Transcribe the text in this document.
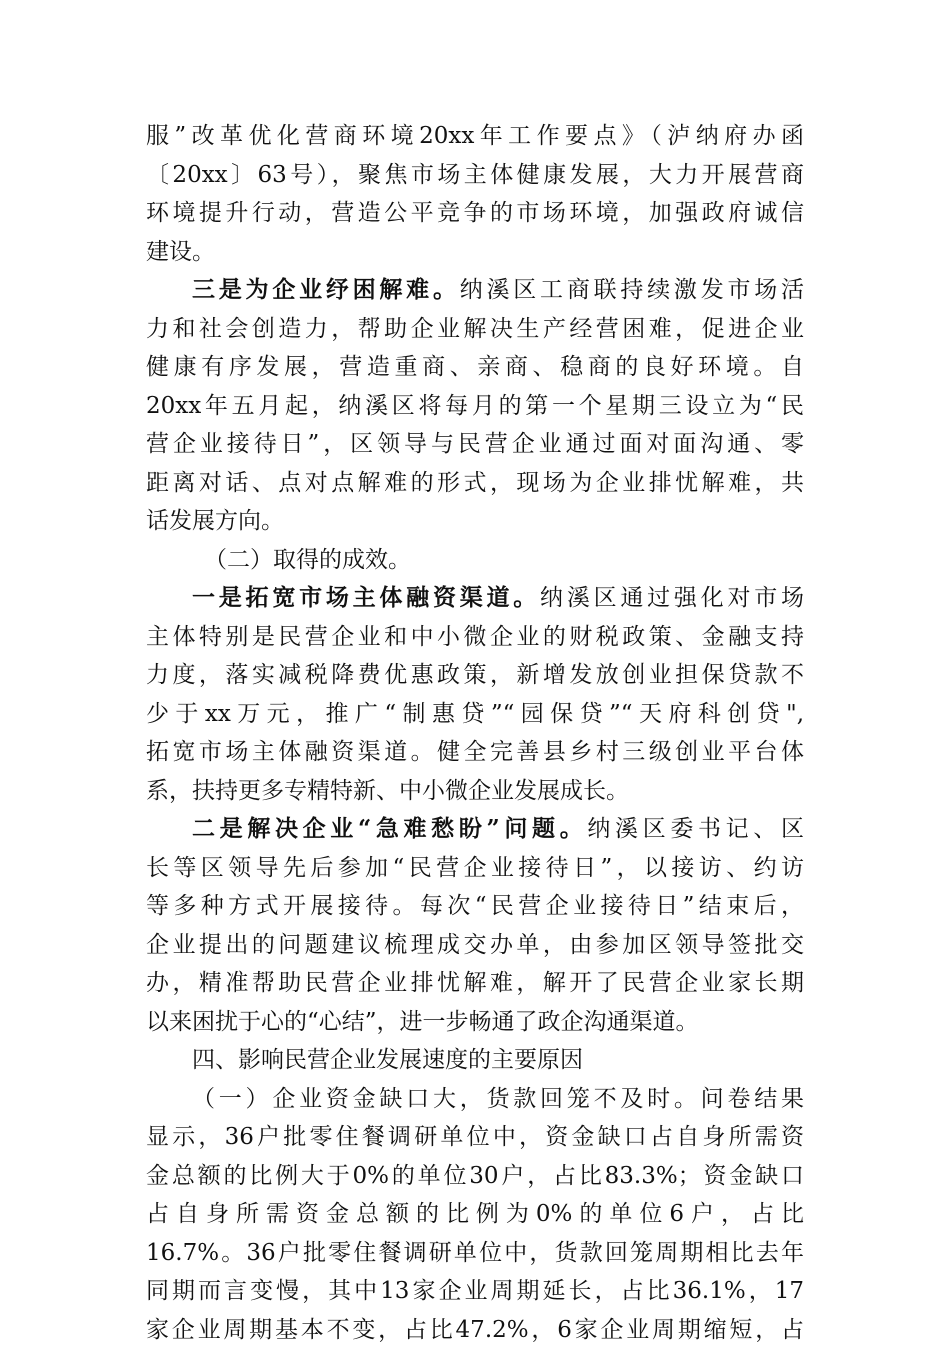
服”改革优化营商环境20xx年工作要点》（泸纳府办函
〔20xx〕63号），聚焦市场主体健康发展，大力开展营商
环境提升行动，营造公平竞争的市场环境，加强政府诚信
建设。
三是为企业纾困解难。纳溪区工商联持续激发市场活
力和社会创造力，帮助企业解决生产经营困难，促进企业
健康有序发展，营造重商、亲商、稳商的良好环境。自
20xx年五月起，纳溪区将每月的第一个星期三设立为“民
营企业接待日”，区领导与民营企业通过面对面沟通、零
距离对话、点对点解难的形式，现场为企业排忧解难，共
话发展方向。
（二）取得的成效。
一是拓宽市场主体融资渠道。纳溪区通过强化对市场
主体特别是民营企业和中小微企业的财税政策、金融支持
力度，落实减税降费优惠政策，新增发放创业担保贷款不
少于xx万元，推广“制惠贷”“园保贷”“天府科创贷",
拓宽市场主体融资渠道。健全完善县乡村三级创业平台体
系，扶持更多专精特新、中小微企业发展成长。
二是解决企业“急难愁盼”问题。纳溪区委书记、区
长等区领导先后参加“民营企业接待日”，以接访、约访
等多种方式开展接待。每次“民营企业接待日”结束后，
企业提出的问题建议梳理成交办单，由参加区领导签批交
办，精准帮助民营企业排忧解难，解开了民营企业家长期
以来困扰于心的“心结”，进一步畅通了政企沟通渠道。
四、影响民营企业发展速度的主要原因
（一）企业资金缺口大，货款回笼不及时。问卷结果
显示，36户批零住餐调研单位中，资金缺口占自身所需资
金总额的比例大于0%的单位30户，占比83.3%；资金缺口
占自身所需资金总额的比例为0%的单位6户，占比
16.7%。36户批零住餐调研单位中，货款回笼周期相比去年
同期而言变慢，其中13家企业周期延长，占比36.1%，17
家企业周期基本不变，占比47.2%，6家企业周期缩短，占
